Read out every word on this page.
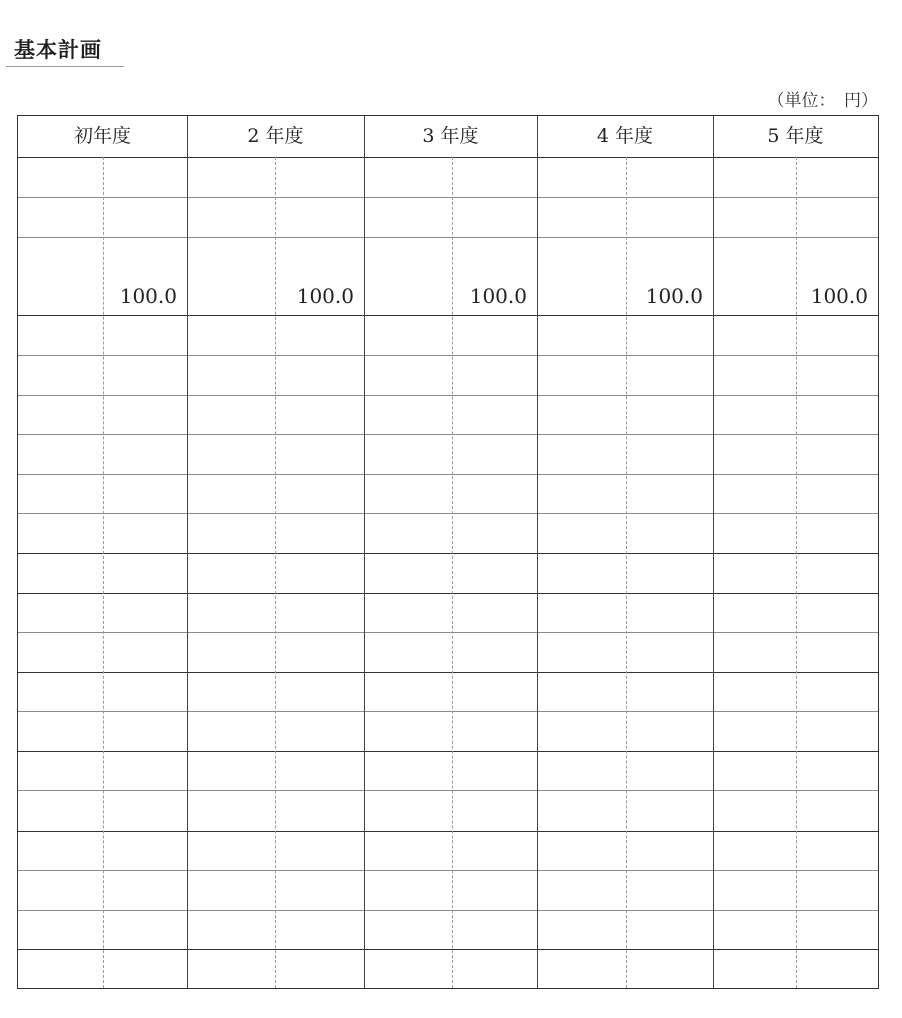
基本計画
（単位：　円）
初年度	2 年度	3 年度	4 年度	5 年度
100.0	100.0	100.0	100.0	100.0
